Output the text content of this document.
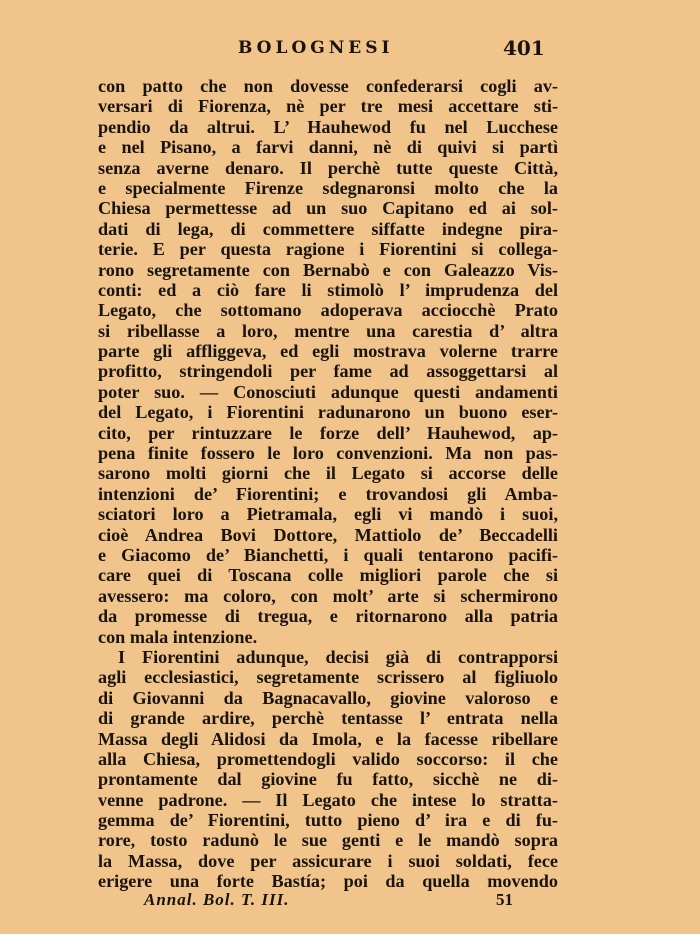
BOLOGNESI	401
con patto che non dovesse confederarsi cogli av-
versari di Fiorenza, nè per tre mesi accettare sti-
pendio da altrui. L’ Hauhewod fu nel Lucchese
e nel Pisano, a farvi danni, nè di quivi si partì
senza averne denaro. Il perchè tutte queste Città,
e specialmente Firenze sdegnaronsi molto che la
Chiesa permettesse ad un suo Capitano ed ai sol-
dati di lega, di commettere siffatte indegne pira-
terie. E per questa ragione i Fiorentini si collega-
rono segretamente con Bernabò e con Galeazzo Vis-
conti: ed a ciò fare li stimolò l’ imprudenza del
Legato, che sottomano adoperava acciocchè Prato
si ribellasse a loro, mentre una carestia d’ altra
parte gli affliggeva, ed egli mostrava volerne trarre
profitto, stringendoli per fame ad assoggettarsi al
poter suo. — Conosciuti adunque questi andamenti
del Legato, i Fiorentini radunarono un buono eser-
cito, per rintuzzare le forze dell’ Hauhewod, ap-
pena finite fossero le loro convenzioni. Ma non pas-
sarono molti giorni che il Legato si accorse delle
intenzioni de’ Fiorentini; e trovandosi gli Amba-
sciatori loro a Pietramala, egli vi mandò i suoi,
cioè Andrea Bovi Dottore, Mattiolo de’ Beccadelli
e Giacomo de’ Bianchetti, i quali tentarono pacifi-
care quei di Toscana colle migliori parole che si
avessero: ma coloro, con molt’ arte si schermirono
da promesse di tregua, e ritornarono alla patria
con mala intenzione.
I Fiorentini adunque, decisi già di contrapporsi
agli ecclesiastici, segretamente scrissero al figliuolo
di Giovanni da Bagnacavallo, giovine valoroso e
di grande ardire, perchè tentasse l’ entrata nella
Massa degli Alidosi da Imola, e la facesse ribellare
alla Chiesa, promettendogli valido soccorso: il che
prontamente dal giovine fu fatto, sicchè ne di-
venne padrone. — Il Legato che intese lo stratta-
gemma de’ Fiorentini, tutto pieno d’ ira e di fu-
rore, tosto radunò le sue genti e le mandò sopra
la Massa, dove per assicurare i suoi soldati, fece
erigere una forte Bastía; poi da quella movendo
Annal. Bol. T. III.	51
